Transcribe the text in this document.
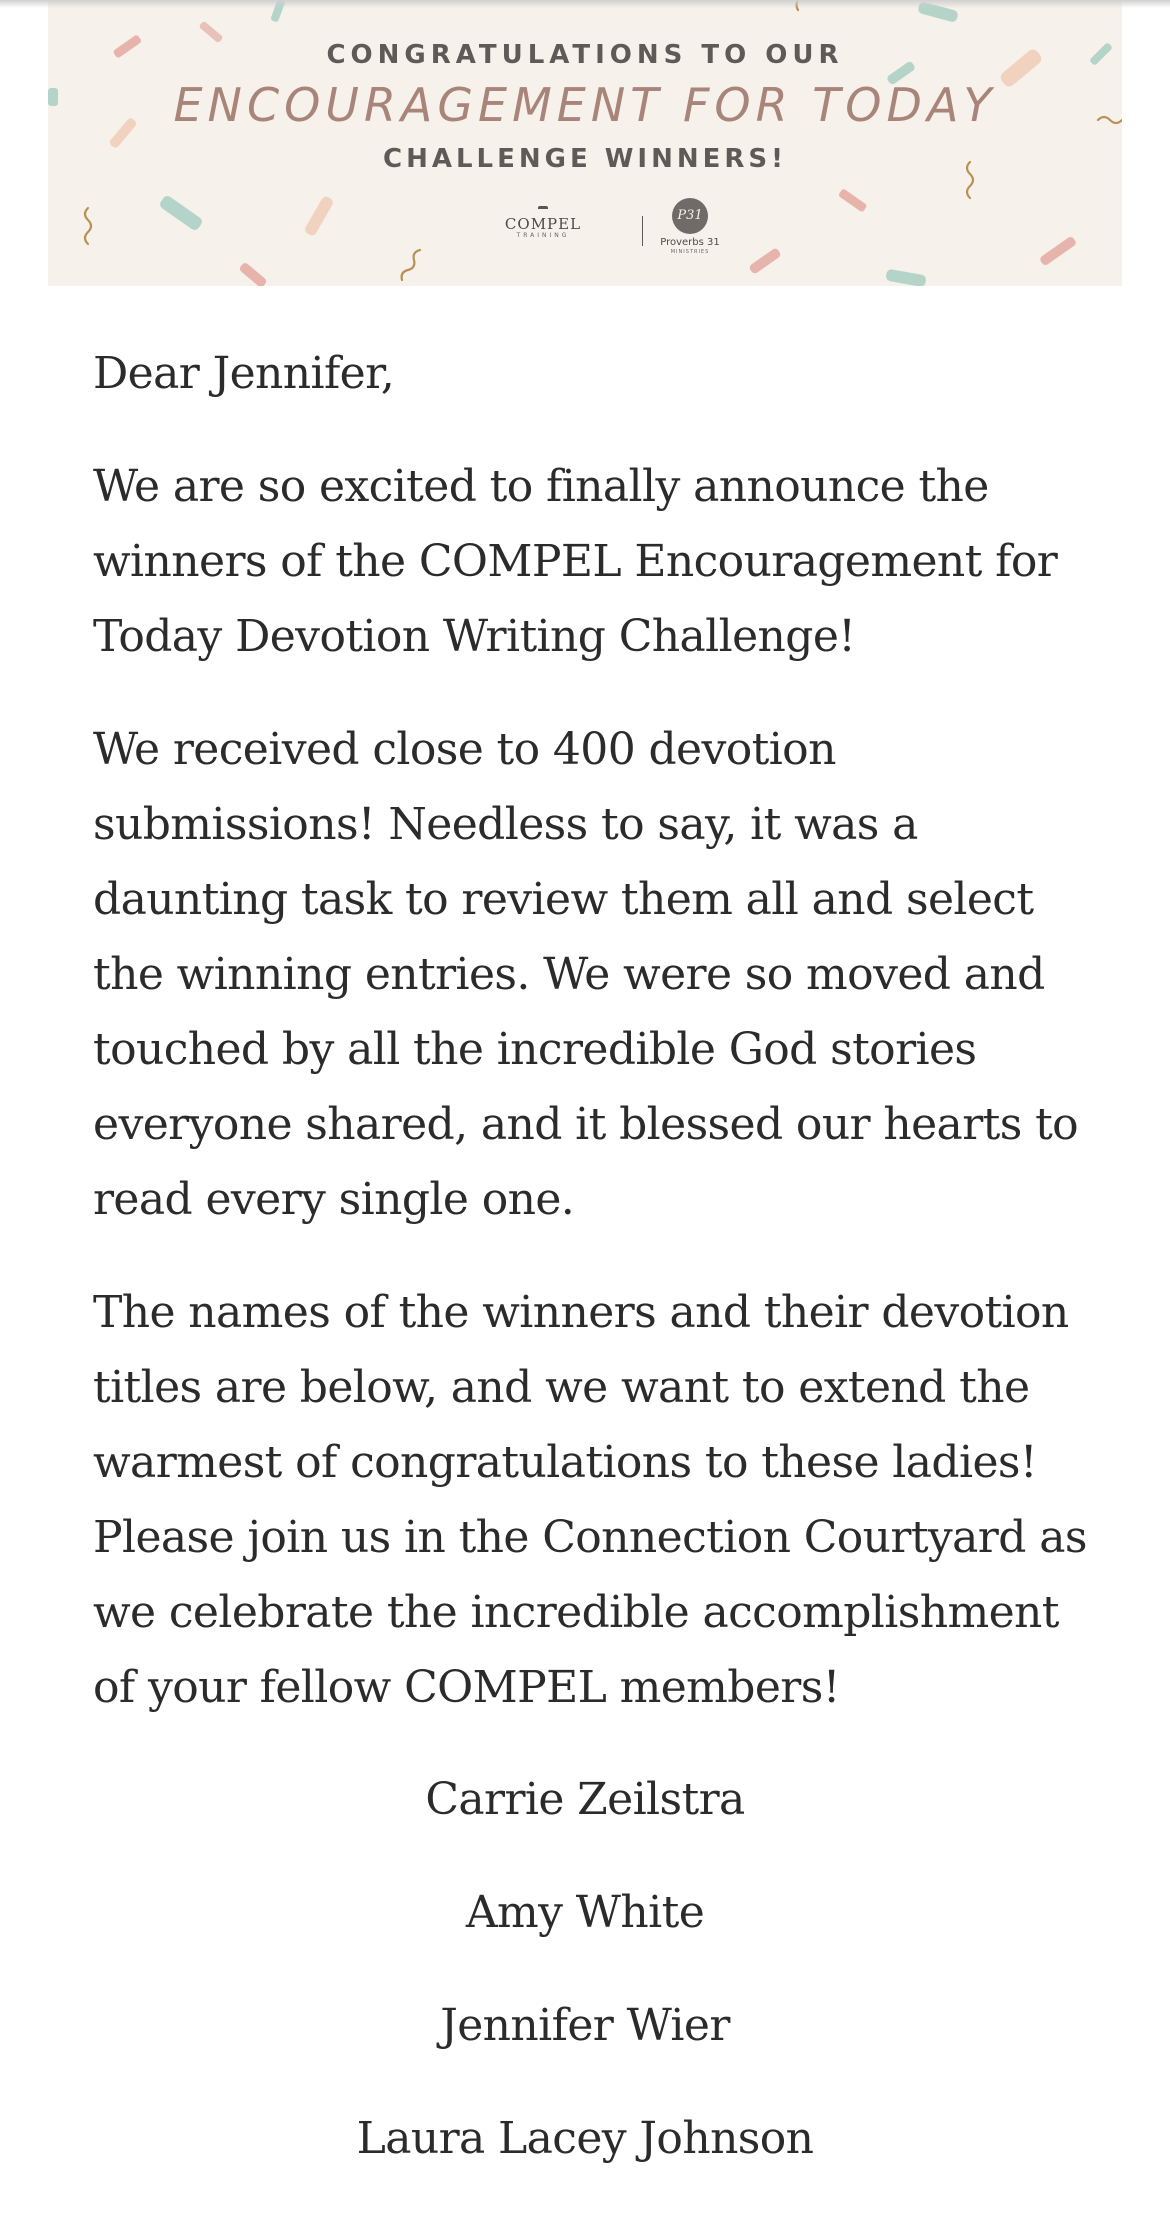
CONGRATULATIONS TO OUR
ENCOURAGEMENT FOR TODAY
CHALLENGE WINNERS!
COMPEL
TRAINING
P31
Proverbs 31
MINISTRIES

Dear Jennifer,

We are so excited to finally announce the winners of the COMPEL Encouragement for Today Devotion Writing Challenge!

We received close to 400 devotion submissions! Needless to say, it was a daunting task to review them all and select the winning entries. We were so moved and touched by all the incredible God stories everyone shared, and it blessed our hearts to read every single one.

The names of the winners and their devotion titles are below, and we want to extend the warmest of congratulations to these ladies! Please join us in the Connection Courtyard as we celebrate the incredible accomplishment of your fellow COMPEL members!

Carrie Zeilstra
Amy White
Jennifer Wier
Laura Lacey Johnson
